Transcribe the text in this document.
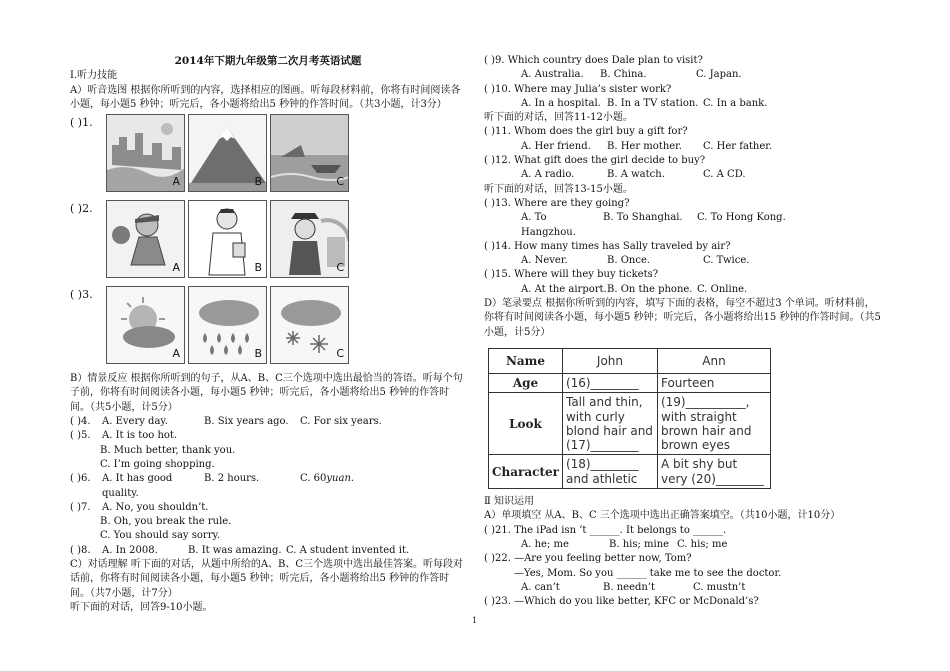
2014年下期九年级第二次月考英语试题

Ⅰ.听力技能

A）听音选图 根据你所听到的内容，选择相应的图画。听每段材料前，你将有时间阅读各小题，每小题5 秒钟；听完后，各小题将给出5 秒钟的作答时间。（共3小题，计3分）

( )1.
A	B	C
( )2.
A	B	C
( )3.
A	B	C

B）情景反应 根据你所听到的句子，从A、B、C三个选项中选出最恰当的答语。听每个句子前，你将有时间阅读各小题，每小题5 秒钟；听完后，各小题将给出5 秒钟的作答时间。（共5小题，计5分）

( )4.	A. Every day.	B. Six years ago.	C. For six years.
( )5.	A. It is too hot.

B. Much better, thank you.

C. I’m going shopping.

( )6.	A. It has good quality.
B. 2 hours.	C. 60yuan.
( )7.	A. No, you shouldn’t.

B. Oh, you break the rule.

C. You should say sorry.

( )8.	A. In 2008.	B. It was amazing. C. A student invented it.

C）对话理解 听下面的对话，从题中所给的A、B、C三个选项中选出最佳答案。听每段对话前，你将有时间阅读各小题，每小题5 秒钟；听完后，各小题将给出5 秒钟的作答时间。（共7小题，计7分）

听下面的对话，回答9-10小题。

( )9. Which country does Dale plan to visit?

A. Australia.	B. China.	C. Japan.

( )10. Where may Julia’s sister work?

A. In a hospital. B. In a TV station. C. In a bank.

听下面的对话，回答11-12小题。

( )11. Whom does the girl buy a gift for?

A. Her friend.	B. Her mother.	C. Her father.

( )12. What gift does the girl decide to buy?

A. A radio.	B. A watch.	C. A CD.

听下面的对话，回答13-15小题。

( )13. Where are they going?

A. To Hangzhou.
B. To Shanghai.	C. To Hong Kong.

( )14. How many times has Sally traveled by air?

A. Never.	B. Once.	C. Twice.

( )15. Where will they buy tickets?

A. At the airport. B. On the phone. C. Online.

D）笔录要点 根据你所听到的内容，填写下面的表格，每空不超过3 个单词。听材料前，你将有时间阅读各小题，每小题5 秒钟；听完后，各小题将给出15 秒钟的作答时间。（共5 小题，计5分）

Name	John	Ann
Age	(16)________	Fourteen
Look	Tall and thin, with curly blond hair and (17)________	(19)__________, with straight brown hair and brown eyes
Character	(18)________ and athletic	A bit shy but very (20)________

Ⅱ 知识运用

A）单项填空 从A、B、C 三个选项中选出正确答案填空。（共10小题，计10分）

( )21. The iPad isn ’t ______. It belongs to ______.

A. he; me	B. his; mine C. his; me

( )22. —Are you feeling better now, Tom?

—Yes, Mom. So you ______ take me to see the doctor.

A. can’t	B. needn’t	C. mustn’t

( )23. —Which do you like better, KFC or McDonald’s?

1
